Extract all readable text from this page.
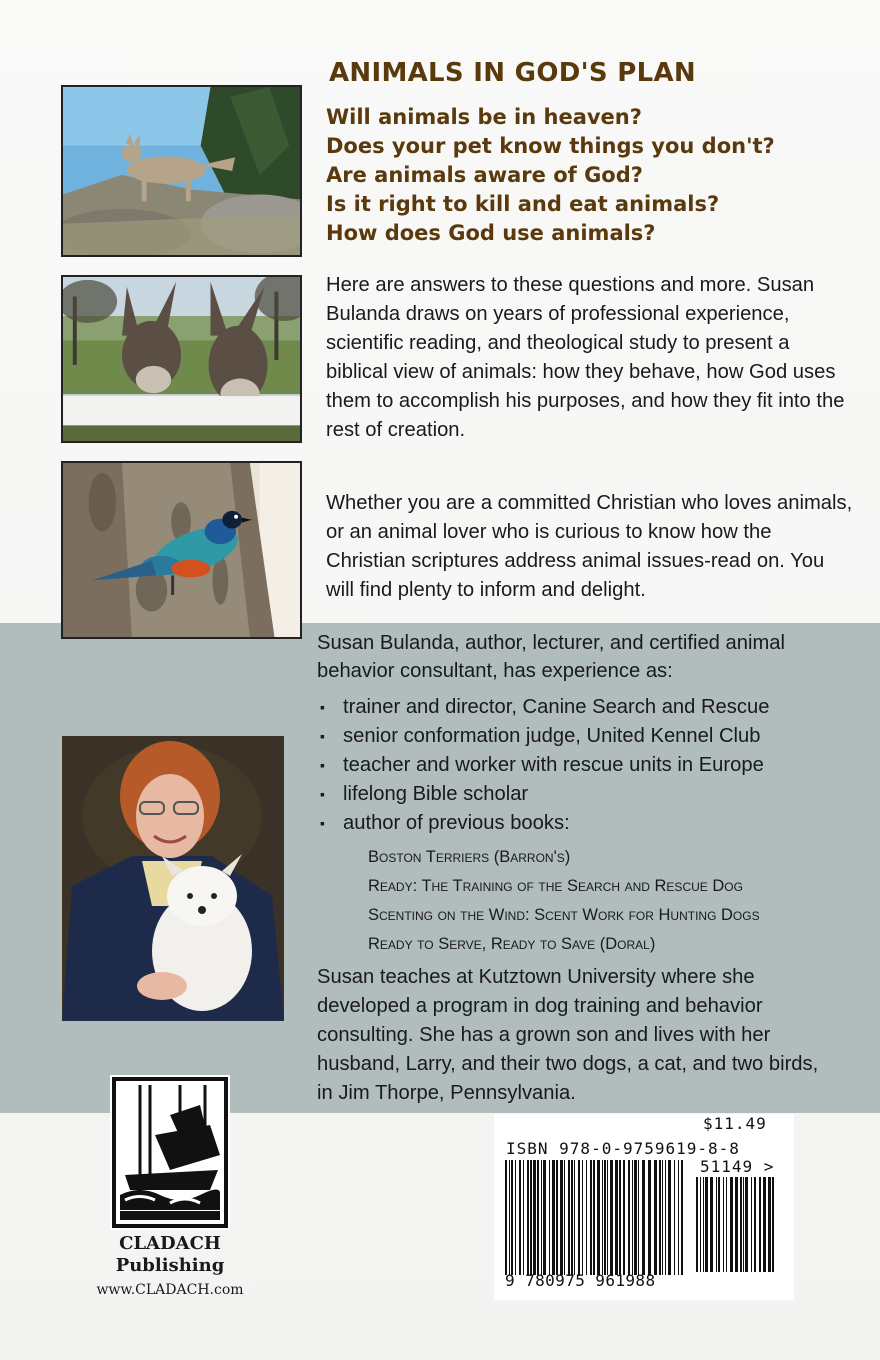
ANIMALS IN GOD'S PLAN
Will animals be in heaven?
Does your pet know things you don't?
Are animals aware of God?
Is it right to kill and eat animals?
How does God use animals?

Here are answers to these questions and more. Susan Bulanda draws on years of professional experience, scientific reading, and theological study to present a biblical view of animals: how they behave, how God uses them to accomplish his purposes, and how they fit into the rest of creation.

Whether you are a committed Christian who loves animals, or an animal lover who is curious to know how the Christian scriptures address animal issues-read on. You will find plenty to inform and delight.

Susan Bulanda, author, lecturer, and certified animal behavior consultant, has experience as:

▪ trainer and director, Canine Search and Rescue
▪ senior conformation judge, United Kennel Club
▪ teacher and worker with rescue units in Europe
▪ lifelong Bible scholar
▪ author of previous books:
Boston Terriers (Barron's)
Ready: The Training of the Search and Rescue Dog
Scenting on the Wind: Scent Work for Hunting Dogs
Ready to Serve, Ready to Save (Doral)

Susan teaches at Kutztown University where she developed a program in dog training and behavior consulting. She has a grown son and lives with her husband, Larry, and their two dogs, a cat, and two birds, in Jim Thorpe, Pennsylvania.

CLADACH
Publishing

www.CLADACH.com
$11.49
ISBN 978-0-9759619-8-8
51149 >
9 780975 961988
